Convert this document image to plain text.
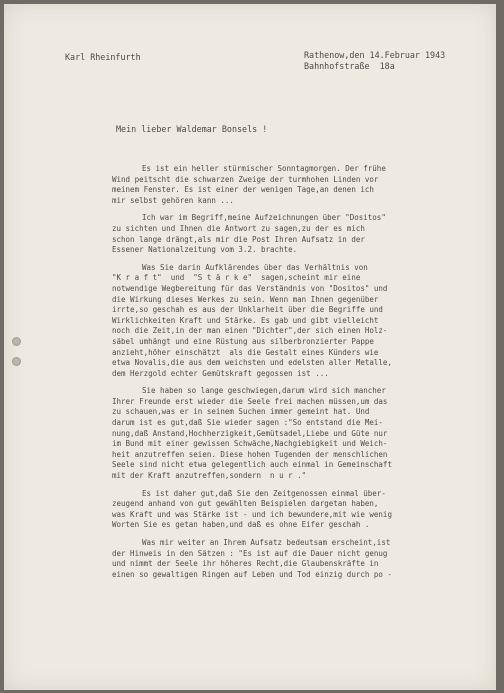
Karl Rheinfurth	Rathenow,den 14.Februar 1943
Bahnhofstraße  18a
Mein lieber Waldemar Bonsels !
Es ist ein heller stürmischer Sonntagmorgen. Der frühe
Wind peitscht die schwarzen Zweige der turmhohen Linden vor
meinem Fenster. Es ist einer der wenigen Tage,an denen ich
mir selbst gehören kann ...
Ich war im Begriff,meine Aufzeichnungen über "Dositos"
zu sichten und Ihnen die Antwort zu sagen,zu der es mich
schon lange drängt,als mir die Post Ihren Aufsatz in der
Essener Nationalzeitung vom 3.2. brachte.
Was Sie darin Aufklärendes über das Verhältnis von
"K r a f t"  und  "S t ä r k e"  sagen,scheint mir eine
notwendige Wegbereitung für das Verständnis von "Dositos" und
die Wirkung dieses Werkes zu sein. Wenn man Ihnen gegenüber
irrte,so geschah es aus der Unklarheit über die Begriffe und
Wirklichkeiten Kraft und Stärke. Es gab und gibt vielleicht
noch die Zeit,in der man einen "Dichter",der sich einen Holz-
säbel umhängt und eine Rüstung aus silberbronzierter Pappe
anzieht,höher einschätzt  als die Gestalt eines Künders wie
etwa Novalis,die aus dem weichsten und edelsten aller Metalle,
dem Herzgold echter Gemütskraft gegossen ist ...
Sie haben so lange geschwiegen,darum wird sich mancher
Ihrer Freunde erst wieder die Seele frei machen müssen,um das
zu schauen,was er in seinem Suchen immer gemeint hat. Und
darum ist es gut,daß Sie wieder sagen :"So entstand die Mei-
nung,daß Anstand,Hochherzigkeit,Gemütsadel,Liebe und Güte nur
im Bund mit einer gewissen Schwäche,Nachgiebigkeit und Weich-
heit anzutreffen seien. Diese hohen Tugenden der menschlichen
Seele sind nicht etwa gelegentlich auch einmal in Gemeinschaft
mit der Kraft anzutreffen,sondern  n u r ."
Es ist daher gut,daß Sie den Zeitgenossen einmal über-
zeugend anhand von gut gewählten Beispielen dargetan haben,
was Kraft und was Stärke ist - und ich bewundere,mit wie wenig
Worten Sie es getan haben,und daß es ohne Eifer geschah .
Was mir weiter an Ihrem Aufsatz bedeutsam erscheint,ist
der Hinweis in den Sätzen : "Es ist auf die Dauer nicht genug
und nimmt der Seele ihr höheres Recht,die Glaubenskräfte in
einen so gewaltigen Ringen auf Leben und Tod einzig durch po -
